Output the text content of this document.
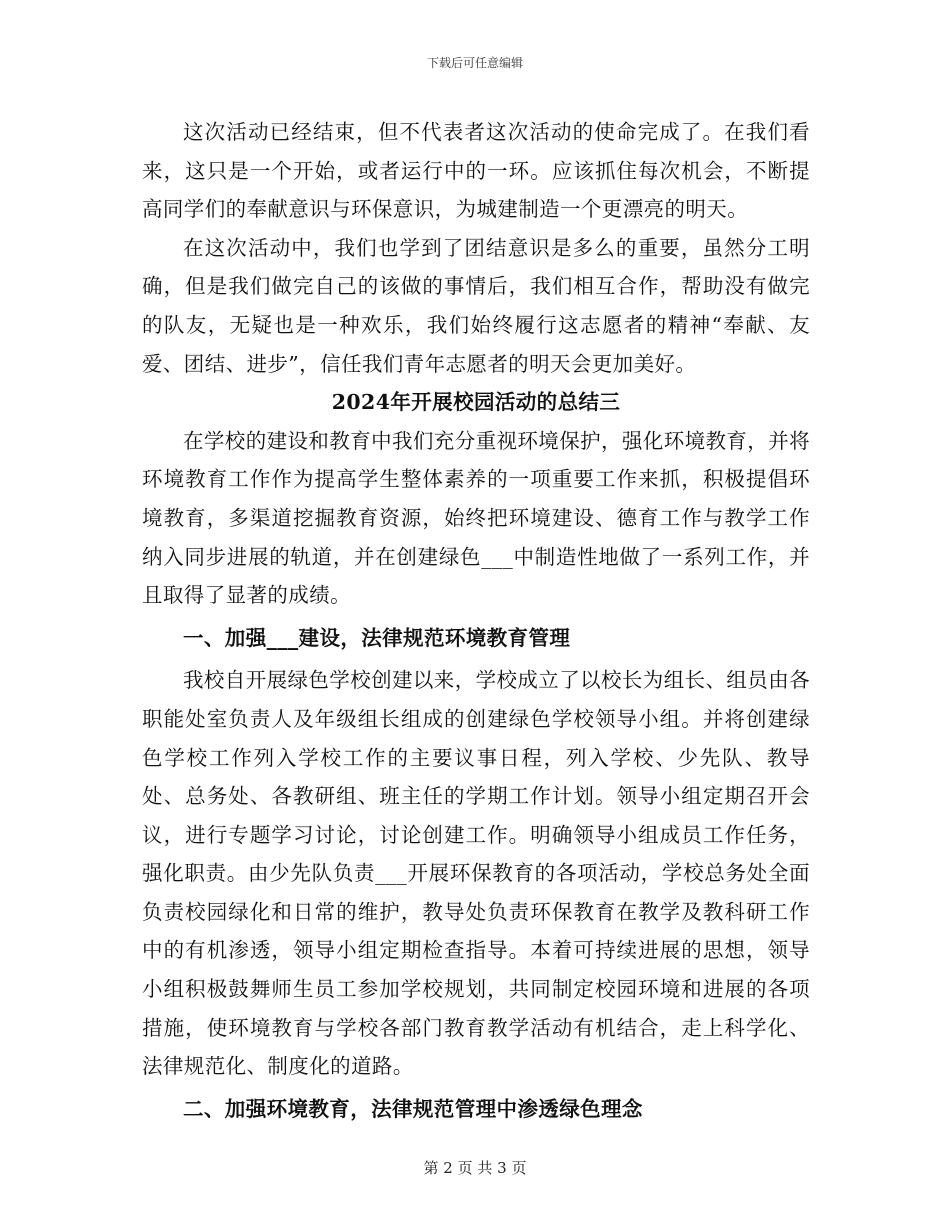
下载后可任意编辑

这次活动已经结束，但不代表者这次活动的使命完成了。在我们看来，这只是一个开始，或者运行中的一环。应该抓住每次机会，不断提高同学们的奉献意识与环保意识，为城建制造一个更漂亮的明天。

在这次活动中，我们也学到了团结意识是多么的重要，虽然分工明确，但是我们做完自己的该做的事情后，我们相互合作，帮助没有做完的队友，无疑也是一种欢乐，我们始终履行这志愿者的精神“奉献、友爱、团结、进步”，信任我们青年志愿者的明天会更加美好。

2024年开展校园活动的总结三

在学校的建设和教育中我们充分重视环境保护，强化环境教育，并将环境教育工作作为提高学生整体素养的一项重要工作来抓，积极提倡环境教育，多渠道挖掘教育资源，始终把环境建设、德育工作与教学工作纳入同步进展的轨道，并在创建绿色___中制造性地做了一系列工作，并且取得了显著的成绩。

一、加强___建设，法律规范环境教育管理

我校自开展绿色学校创建以来，学校成立了以校长为组长、组员由各职能处室负责人及年级组长组成的创建绿色学校领导小组。并将创建绿色学校工作列入学校工作的主要议事日程，列入学校、少先队、教导处、总务处、各教研组、班主任的学期工作计划。领导小组定期召开会议，进行专题学习讨论，讨论创建工作。明确领导小组成员工作任务，强化职责。由少先队负责___开展环保教育的各项活动，学校总务处全面负责校园绿化和日常的维护，教导处负责环保教育在教学及教科研工作中的有机渗透，领导小组定期检查指导。本着可持续进展的思想，领导小组积极鼓舞师生员工参加学校规划，共同制定校园环境和进展的各项措施，使环境教育与学校各部门教育教学活动有机结合，走上科学化、法律规范化、制度化的道路。

二、加强环境教育，法律规范管理中渗透绿色理念

第 2 页 共 3 页
